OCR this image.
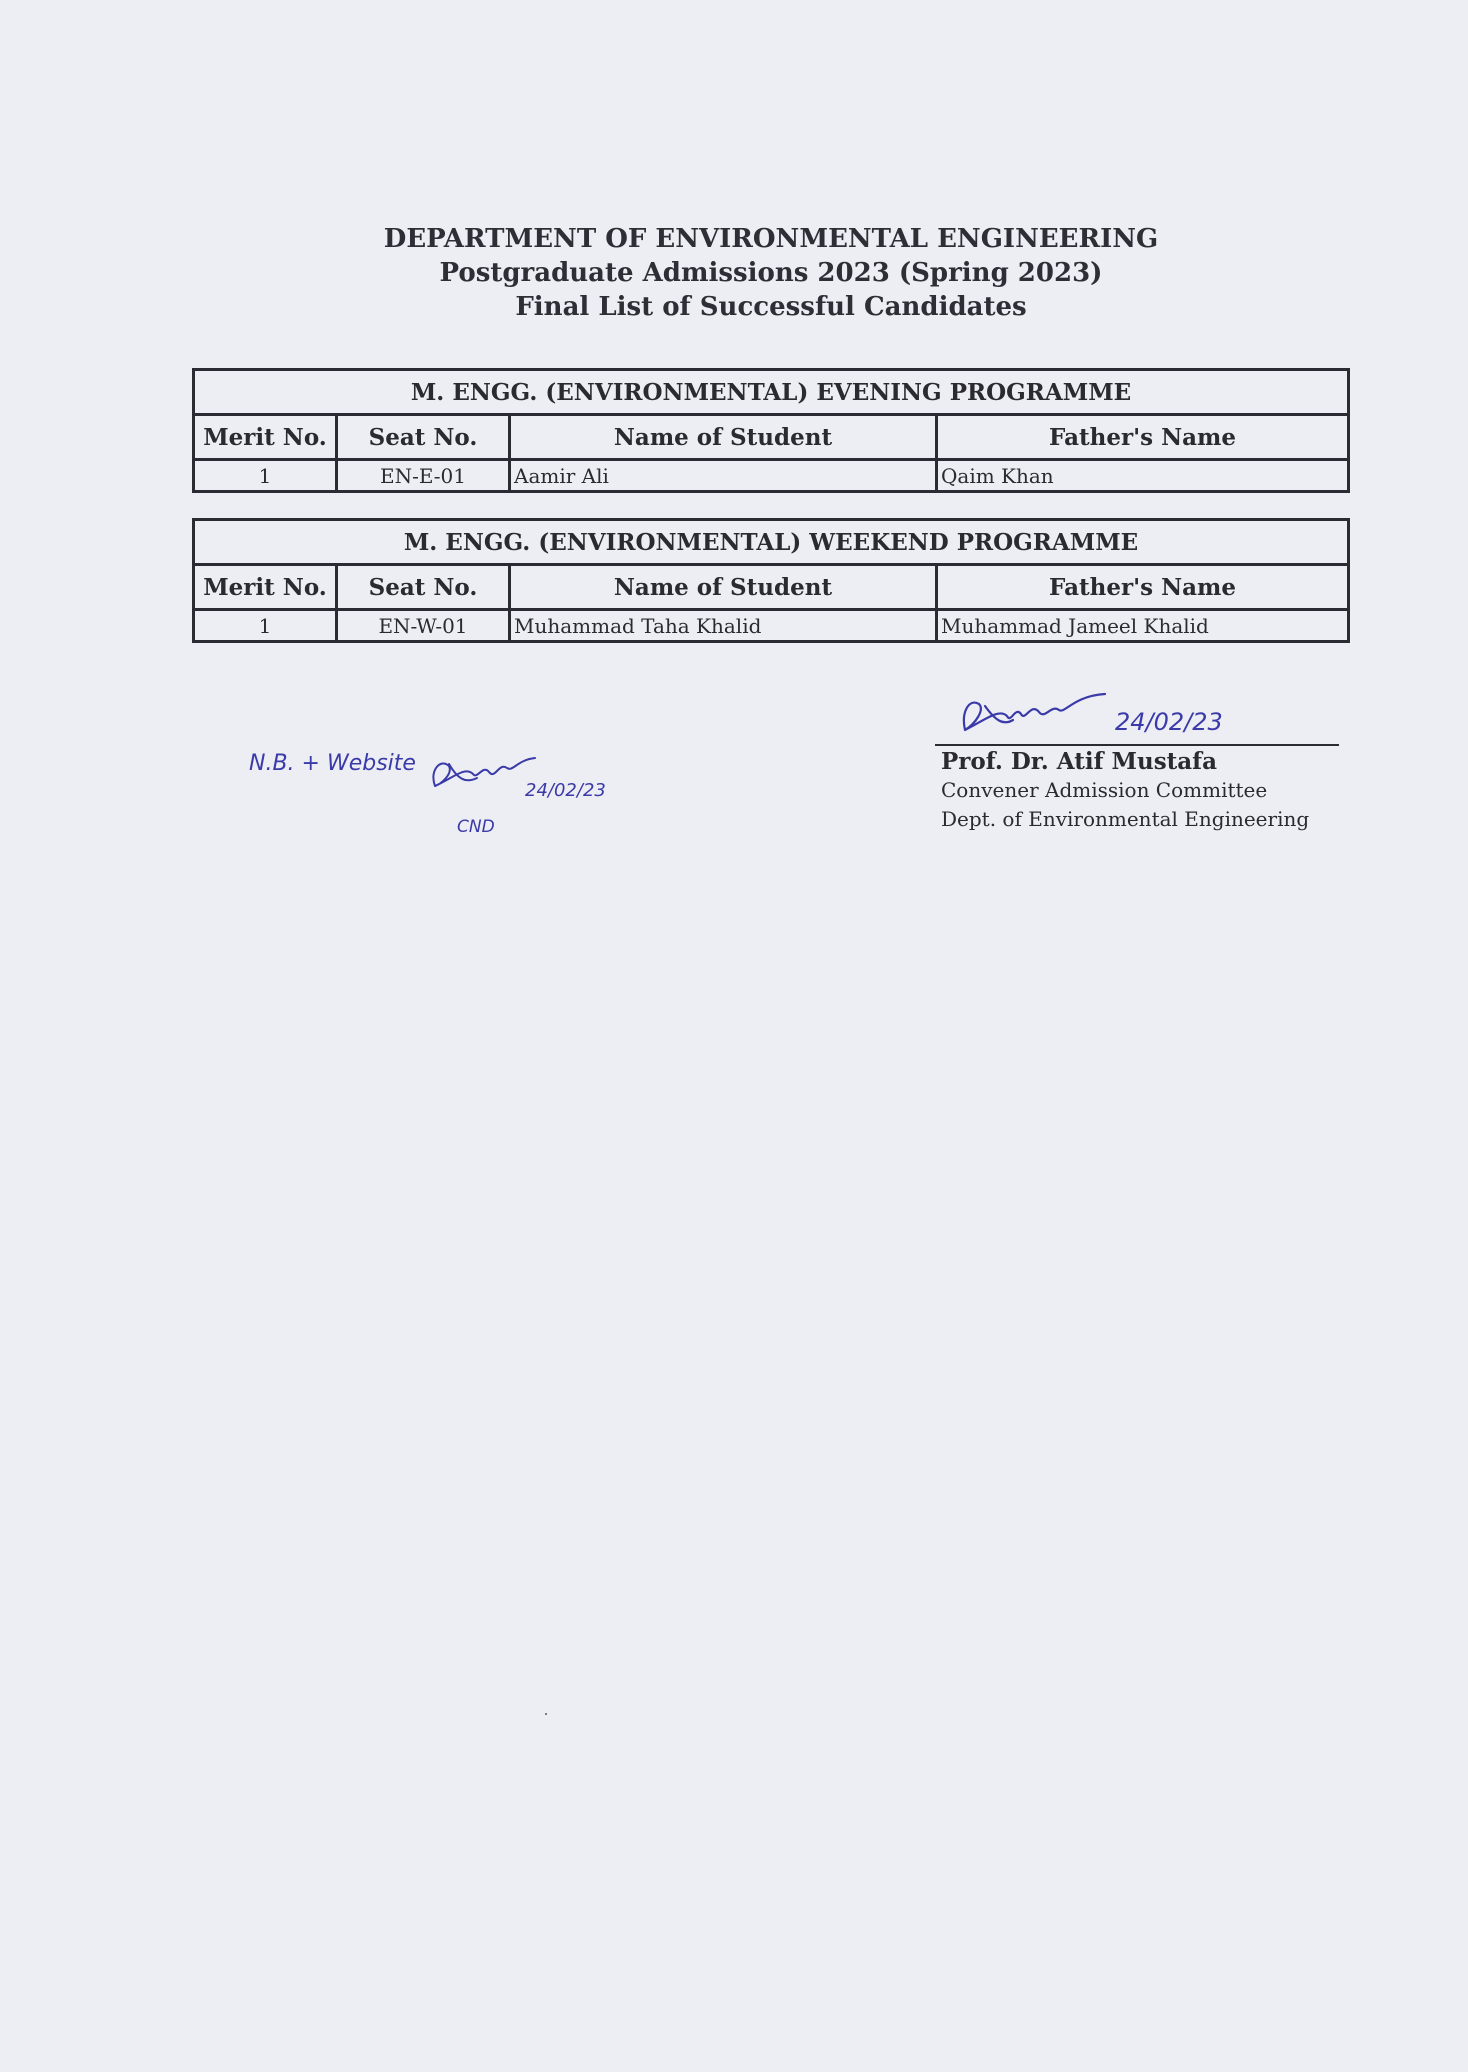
DEPARTMENT OF ENVIRONMENTAL ENGINEERING
Postgraduate Admissions 2023 (Spring 2023)
Final List of Successful Candidates
M. ENGG. (ENVIRONMENTAL) EVENING PROGRAMME			
Merit No.	Seat No.	Name of Student	Father's Name
1	EN-E-01	Aamir Ali	Qaim Khan
M. ENGG. (ENVIRONMENTAL) WEEKEND PROGRAMME			
Merit No.	Seat No.	Name of Student	Father's Name
1	EN-W-01	Muhammad Taha Khalid	Muhammad Jameel Khalid
24/02/23
Prof. Dr. Atif Mustafa
Convener Admission Committee
Dept. of Environmental Engineering
N.B. + Website
24/02/23
CND
